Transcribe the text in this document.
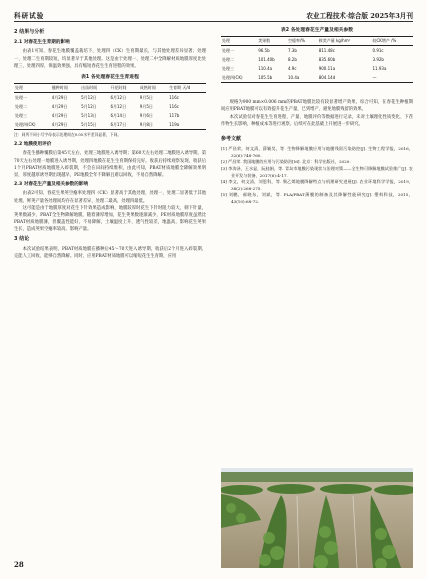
科研试验	农业工程技术·综合版 2025年3月刊
2 结果与分析
2.1 对春花生生育期的影响
由表1可知，春花生地膜覆盖栽培下，处理四（CK）生育期最长，与其他处理差异显著；处理一、处理二生育期较短，均显著早于其他处理。这是由于处理一、处理二中全降解材质地膜厚度比处理三、处理四厚，保温效果强，具有缩短春花生生育进程的效果。
表1 各处理春花生生育进程
处理	播种时间	出苗时间	开花时间	成熟时间	生育期 天/d
处理一	4月29日	5月12日	6月12日	9月5日	116c
处理二	4月29日	5月12日	6月12日	9月5日	116c
处理三	4月29日	5月13日	6月14日	9月6日	117b
处理四(CK)	4月29日	5月15日	6月17日	9月8日	119a
注：同列不同小写字母表示处理间在0.05水平差异显著，下同。
2.2 地膜使用评价
春花生播种覆膜后第45天左右，处理三地膜进入诱导期；第60天左右处理二地膜进入诱导期，第70天左右处理一地膜进入诱导期，处理四地膜在花生生育期保持完好。收获后持续观察发现，收获后1个月PBAT材质地膜进入碎裂期，不会在田间持续堆积，由此可知，PBAT材质地膜全降解效果明显，厚度越厚诱导期出现越早，PE地膜全年不降解且难以回收，不易自然降解。
2.3 对春花生产量及相关参数的影响
由表2可知，春花生果荚空瘪率处理四（CK）显著高于其他处理，处理一、处理二显著低于其他处理。鲜荚产量各处理间均存在显著差异，处理二最高，处理四最低。
这可能是由于地膜厚度对花生下针效果造成影响，地膜较厚时花生下针时阻力较大，刺下针量，荚果数减少，PBAT全生物降解地膜，随着薄厚增加，花生荚果数逐渐减少，PE材质地膜厚度虽然比PBAT材质地膜薄，但覆盖性能好，不易降解，土壤温度上升，透气性较差，地温高，影响花生荚果生长，造成荚果空瘪率较高，影响产量。
3 结论
本次试验结果表明，PBAT材质地膜在播种后45～70天进入诱导期，收获后2个月进入碎裂期，完能人工回收，能够自然降解。同时，应用PBAT材质地膜可以缩短花生生育期，应用
表2 各处理春花生产量及相关参数
处理	荚果数	空瘪率/%	鲜荚产量 kg/hm²	较CK增产 /%
处理一	96.5b	7.3b	811.48c	0.91c
处理二	101.40b	8.2b	835.60b	3.92b
处理三	110.4a	4.9c	900.11a	11.93a
处理四(CK)	105.5b	10.4a	804.14d	—
规格为900 mm×0.006 mm的PBAT地膜比较有较显著增产效果，综合可知，在春花生种植期间应用PBAT地膜可以有效提升花生产量，已到增产、避免地膜残留的效果。
本次试验仅对春花生生育进程、产量、地膜评价等数据进行记录，未对土壤理化性质变化、下茬作物生长影响、种植成本等进行观察，后续可在此基础上开展进一步研究。
参考文献
[1] 严昌荣，何文清，薛颖昊，等. 生物降解地膜应用与地膜残留污染防控[J]. 生物工程学报，2016，32(6):748-760.
[2] 严昌荣. 我国地膜的应用与污染防治[M]. 北京：科学出版社，2020.
[3] 李涛泽，王水显，阮桂娟，等. 青岛市地膜污染现状与治理对策——全生物可降解地膜试验推广[J]. 农业开发与装备，2017(6):4-17.
[4] 李文，何文清，刘恩科，等. 聚乙烯地膜降解特点与机理研究进展[J]. 农业环境科学学报，2019，38(2):268-275.
[5] 刘鹏，郝晓东，刘斌，等. PLA/PBAT薄膜的制备及其降解性能研究[J]. 塑料科技，2015，43(10):68-72.
28
